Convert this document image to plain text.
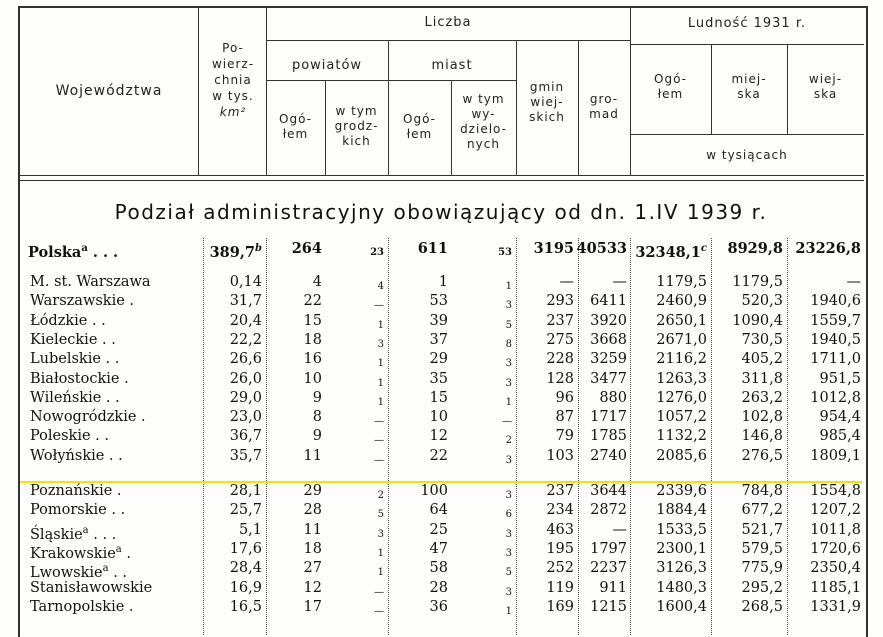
Województwa
Po-
wierz-
chnia
w tys.
km²
Liczba
powiatów	miast
Ogó-
łem
w tym
grodz-
kich
Ogó-
łem
w tym
wy-
dzielo-
nych
gmin
wiej-
skich
gro-
mad
Ludność 1931 r.
Ogó-
łem
miej-
ska
wiej-
ska
w tysiącach
Podział administracyjny obowiązujący od dn. 1.IV 1939 r.
Polska$^a$ . . .	389,7$^b$ 264	23 611	53 3195 40533 32348,1$^c$ 8929,8 23226,8
M. st. Warszawa	0,14	4	4	1	1	—	— 1179,5 1179,5	—
Warszawskie .	31,7	22	—	53	3 293 6411 2460,9 520,3 1940,6
Łódzkie . .	20,4	15	1	39	5 237 3920 2650,1 1090,4 1559,7
Kieleckie . .	22,2	18	3	37	8 275 3668 2671,0 730,5 1940,5
Lubelskie . .	26,6	16	1	29	3 228 3259 2116,2 405,2 1711,0
Białostockie .	26,0	10	1	35	3 128 3477 1263,3 311,8	951,5
Wileńskie . .	29,0	9	1	15	1	96 880 1276,0 263,2 1012,8
Nowogródzkie .	23,0	8	—	10	—	87 1717 1057,2 102,8	954,4
Poleskie . .	36,7	9	—	12	2	79 1785 1132,2 146,8	985,4
Wołyńskie . .	35,7	11	—	22	3 103 2740 2085,6 276,5 1809,1
Poznańskie .	28,1	29	2	100	3 237 3644 2339,6 784,8 1554,8
Pomorskie . .	25,7	28	5	64	6 234 2872 1884,4 677,2 1207,2
Śląskie$^a$ . . .	5,1	11	3	25	3 463	— 1533,5 521,7 1011,8
Krakowskie$^a$ .	17,6	18	1	47	3 195 1797 2300,1 579,5 1720,6
Lwowskie$^a$ . .	28,4	27	1	58	5 252 2237 3126,3 775,9 2350,4
Stanisławowskie	16,9	12	—	28	3 119 911 1480,3 295,2 1185,1
Tarnopolskie .	16,5	17	—	36	1 169 1215 1600,4 268,5 1331,9
